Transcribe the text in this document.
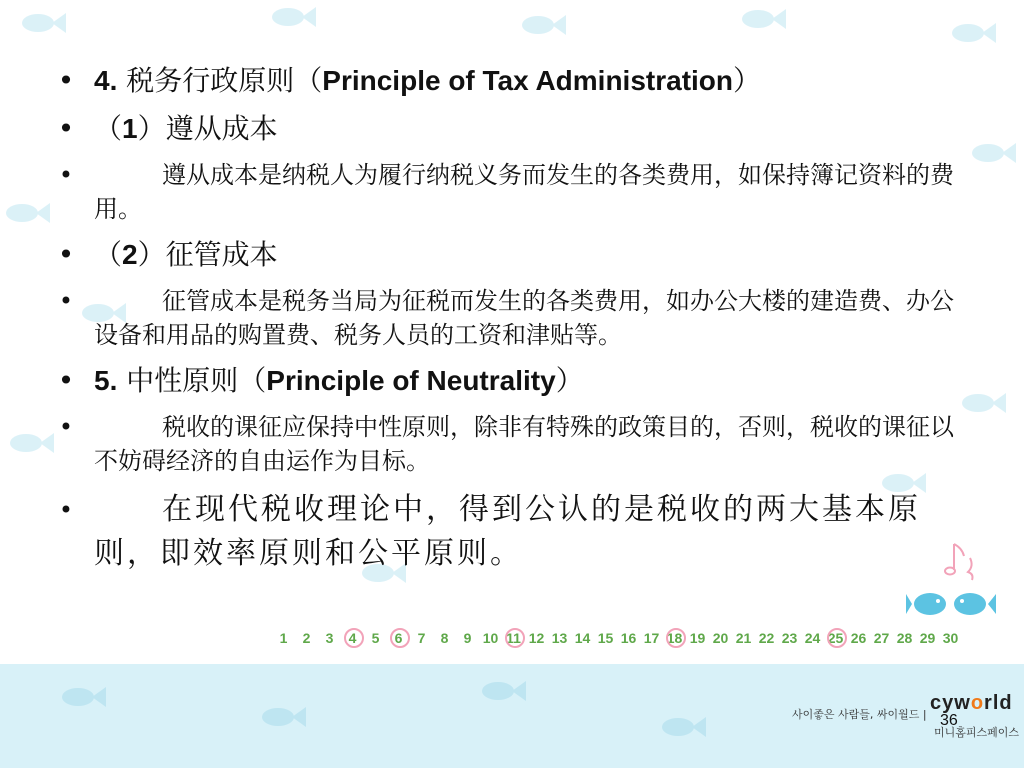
• 4. 税务行政原则（Principle of Tax Administration）
• （1）遵从成本
•	遵从成本是纳税人为履行纳税义务而发生的各类费用，如保持簿记资料的费用。
• （2）征管成本
•	征管成本是税务当局为征税而发生的各类费用，如办公大楼的建造费、办公设备和用品的购置费、税务人员的工资和津贴等。
• 5. 中性原则（Principle of Neutrality）
•	税收的课征应保持中性原则，除非有特殊的政策目的，否则，税收的课征以不妨碍经济的自由运作为目标。
•	在现代税收理论中，得到公认的是税收的两大基本原则，即效率原则和公平原则。
1 2 3 4 5 6 7 8 9 10 11 12 13 14 15 16 17 18 19 20 21 22 23 24 25 26 27 28 29 30
사이좋은 사람들, 싸이월드 |
cyworld
미니홈피스페이스
36
